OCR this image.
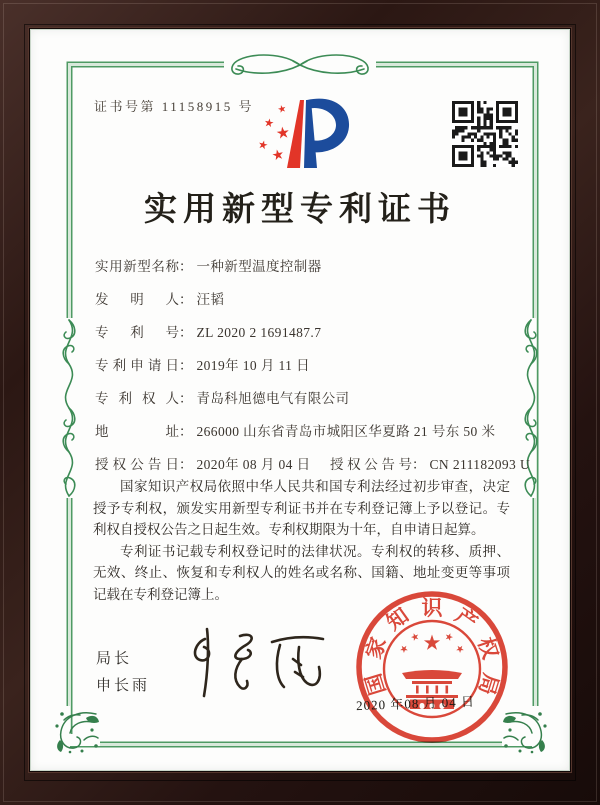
证书号第 11158915 号
实用新型专利证书
实用新型名称： 一种新型温度控制器
发明人： 汪韬
专利号： ZL 2020 2 1691487.7
专利申请日： 2019年 10 月 11 日
专利权人： 青岛科旭德电气有限公司
地址： 266000 山东省青岛市城阳区华夏路 21 号东 50 米
授权公告日： 2020年 08 月 04 日 授权公告号： CN 211182093 U

国家知识产权局依照中华人民共和国专利法经过初步审查，决定授予专利权，颁发实用新型专利证书并在专利登记簿上予以登记。专利权自授权公告之日起生效。专利权期限为十年，自申请日起算。

专利证书记载专利权登记时的法律状况。专利权的转移、质押、无效、终止、恢复和专利权人的姓名或名称、国籍、地址变更等事项记载在专利登记簿上。

局长
申长雨	国
家
知 识 产
权
局
2020 年08 月 04 日
